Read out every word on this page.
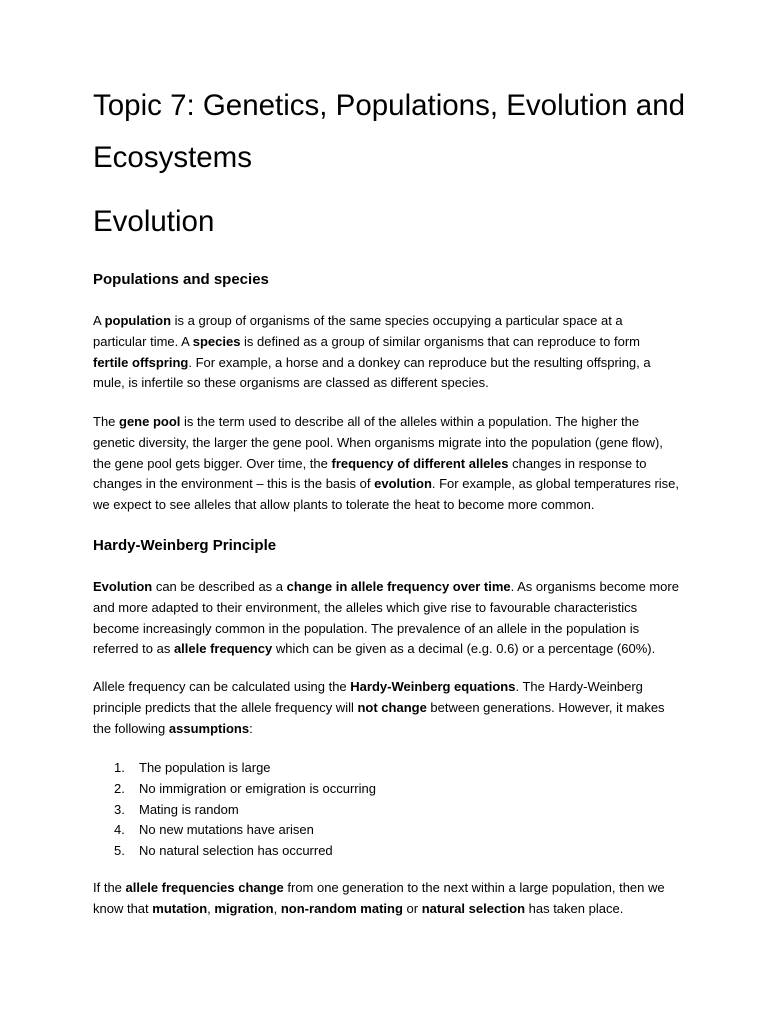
Topic 7: Genetics, Populations, Evolution and Ecosystems
Evolution
Populations and species

A population is a group of organisms of the same species occupying a particular space at a

particular time. A species is defined as a group of similar organisms that can reproduce to form

fertile offspring. For example, a horse and a donkey can reproduce but the resulting offspring, a

mule, is infertile so these organisms are classed as different species.

The gene pool is the term used to describe all of the alleles within a population. The higher the

genetic diversity, the larger the gene pool. When organisms migrate into the population (gene flow),

the gene pool gets bigger. Over time, the frequency of different alleles changes in response to

changes in the environment – this is the basis of evolution. For example, as global temperatures rise,

we expect to see alleles that allow plants to tolerate the heat to become more common.

Hardy-Weinberg Principle

Evolution can be described as a change in allele frequency over time. As organisms become more

and more adapted to their environment, the alleles which give rise to favourable characteristics

become increasingly common in the population. The prevalence of an allele in the population is

referred to as allele frequency which can be given as a decimal (e.g. 0.6) or a percentage (60%).

Allele frequency can be calculated using the Hardy-Weinberg equations. The Hardy-Weinberg

principle predicts that the allele frequency will not change between generations. However, it makes

the following assumptions:

1. The population is large
2. No immigration or emigration is occurring
3. Mating is random
4. No new mutations have arisen
5. No natural selection has occurred

If the allele frequencies change from one generation to the next within a large population, then we

know that mutation, migration, non-random mating or natural selection has taken place.
